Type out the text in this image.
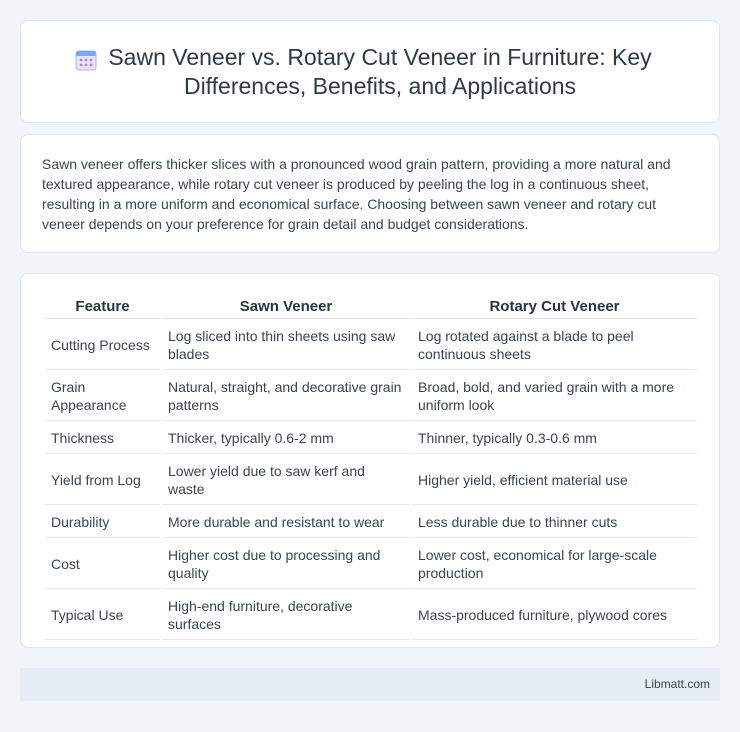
Sawn Veneer vs. Rotary Cut Veneer in Furniture: Key Differences, Benefits, and Applications

Sawn veneer offers thicker slices with a pronounced wood grain pattern, providing a more natural and textured appearance, while rotary cut veneer is produced by peeling the log in a continuous sheet, resulting in a more uniform and economical surface. Choosing between sawn veneer and rotary cut veneer depends on your preference for grain detail and budget considerations.

Feature	Sawn Veneer	Rotary Cut Veneer
Cutting Process	Log sliced into thin sheets using saw blades	Log rotated against a blade to peel continuous sheets
Grain Appearance	Natural, straight, and decorative grain patterns	Broad, bold, and varied grain with a more uniform look
Thickness	Thicker, typically 0.6-2 mm	Thinner, typically 0.3-0.6 mm
Yield from Log	Lower yield due to saw kerf and waste	Higher yield, efficient material use
Durability	More durable and resistant to wear	Less durable due to thinner cuts
Cost	Higher cost due to processing and quality	Lower cost, economical for large-scale production
Typical Use	High-end furniture, decorative surfaces	Mass-produced furniture, plywood cores
Libmatt.com
